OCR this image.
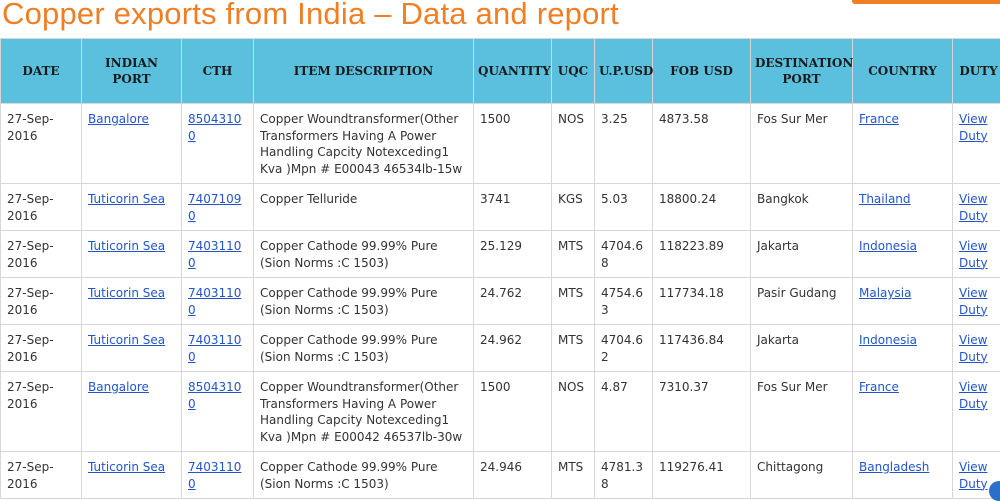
Copper exports from India – Data and report
DATE	INDIAN PORT	CTH	ITEM DESCRIPTION	QUANTITY	UQC	U.P.USD	FOB USD	DESTINATION PORT	COUNTRY	DUTY
27-Sep-2016	Bangalore	85043100	Copper Woundtransformer(Other Transformers Having A Power Handling Capcity Notexceding1 Kva )Mpn # E00043 46534lb-15w	1500	NOS	3.25	4873.58	Fos Sur Mer	France	View Duty
27-Sep-2016	Tuticorin Sea	74071090	Copper Telluride	3741	KGS	5.03	18800.24	Bangkok	Thailand	View Duty
27-Sep-2016	Tuticorin Sea	74031100	Copper Cathode 99.99% Pure (Sion Norms :C 1503)	25.129	MTS	4704.68	118223.89	Jakarta	Indonesia	View Duty
27-Sep-2016	Tuticorin Sea	74031100	Copper Cathode 99.99% Pure (Sion Norms :C 1503)	24.762	MTS	4754.63	117734.18	Pasir Gudang	Malaysia	View Duty
27-Sep-2016	Tuticorin Sea	74031100	Copper Cathode 99.99% Pure (Sion Norms :C 1503)	24.962	MTS	4704.62	117436.84	Jakarta	Indonesia	View Duty
27-Sep-2016	Bangalore	85043100	Copper Woundtransformer(Other Transformers Having A Power Handling Capcity Notexceding1 Kva )Mpn # E00042 46537lb-30w	1500	NOS	4.87	7310.37	Fos Sur Mer	France	View Duty
27-Sep-2016	Tuticorin Sea	74031100	Copper Cathode 99.99% Pure (Sion Norms :C 1503)	24.946	MTS	4781.38	119276.41	Chittagong	Bangladesh	View Duty
